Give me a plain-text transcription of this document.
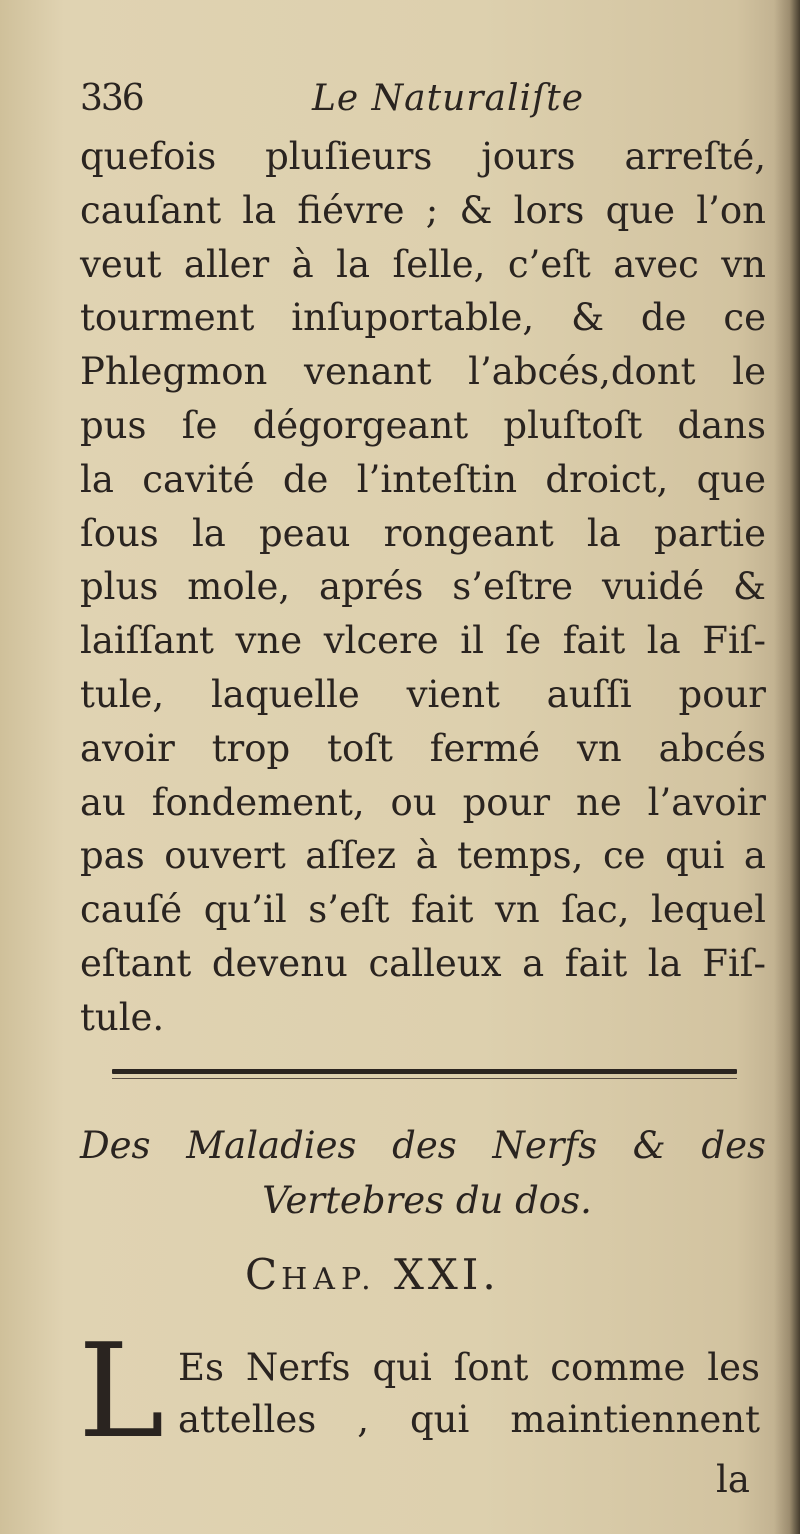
336	Le Naturaliſte
quefois pluſieurs jours arreſté,
cauſant la fiévre ; & lors que l’on
veut aller à la ſelle, c’eſt avec vn
tourment inſuportable, & de ce
Phlegmon venant l’abcés,dont le
pus ſe dégorgeant pluſtoſt dans
la cavité de l’inteſtin droict, que
ſous la peau rongeant la partie
plus mole, aprés s’eſtre vuidé &
laiſſant vne vlcere il ſe fait la Fiſ-
tule, laquelle vient auſſi pour
avoir trop toſt fermé vn abcés
au fondement, ou pour ne l’avoir
pas ouvert aſſez à temps, ce qui a
cauſé qu’il s’eſt fait vn ſac, lequel
eſtant devenu calleux a fait la Fiſ-
tule.
Des Maladies des Nerfs & des
Vertebres du dos.
CHAP. XXI.
L Es Nerfs qui ſont comme les
attelles , qui maintiennent
la
